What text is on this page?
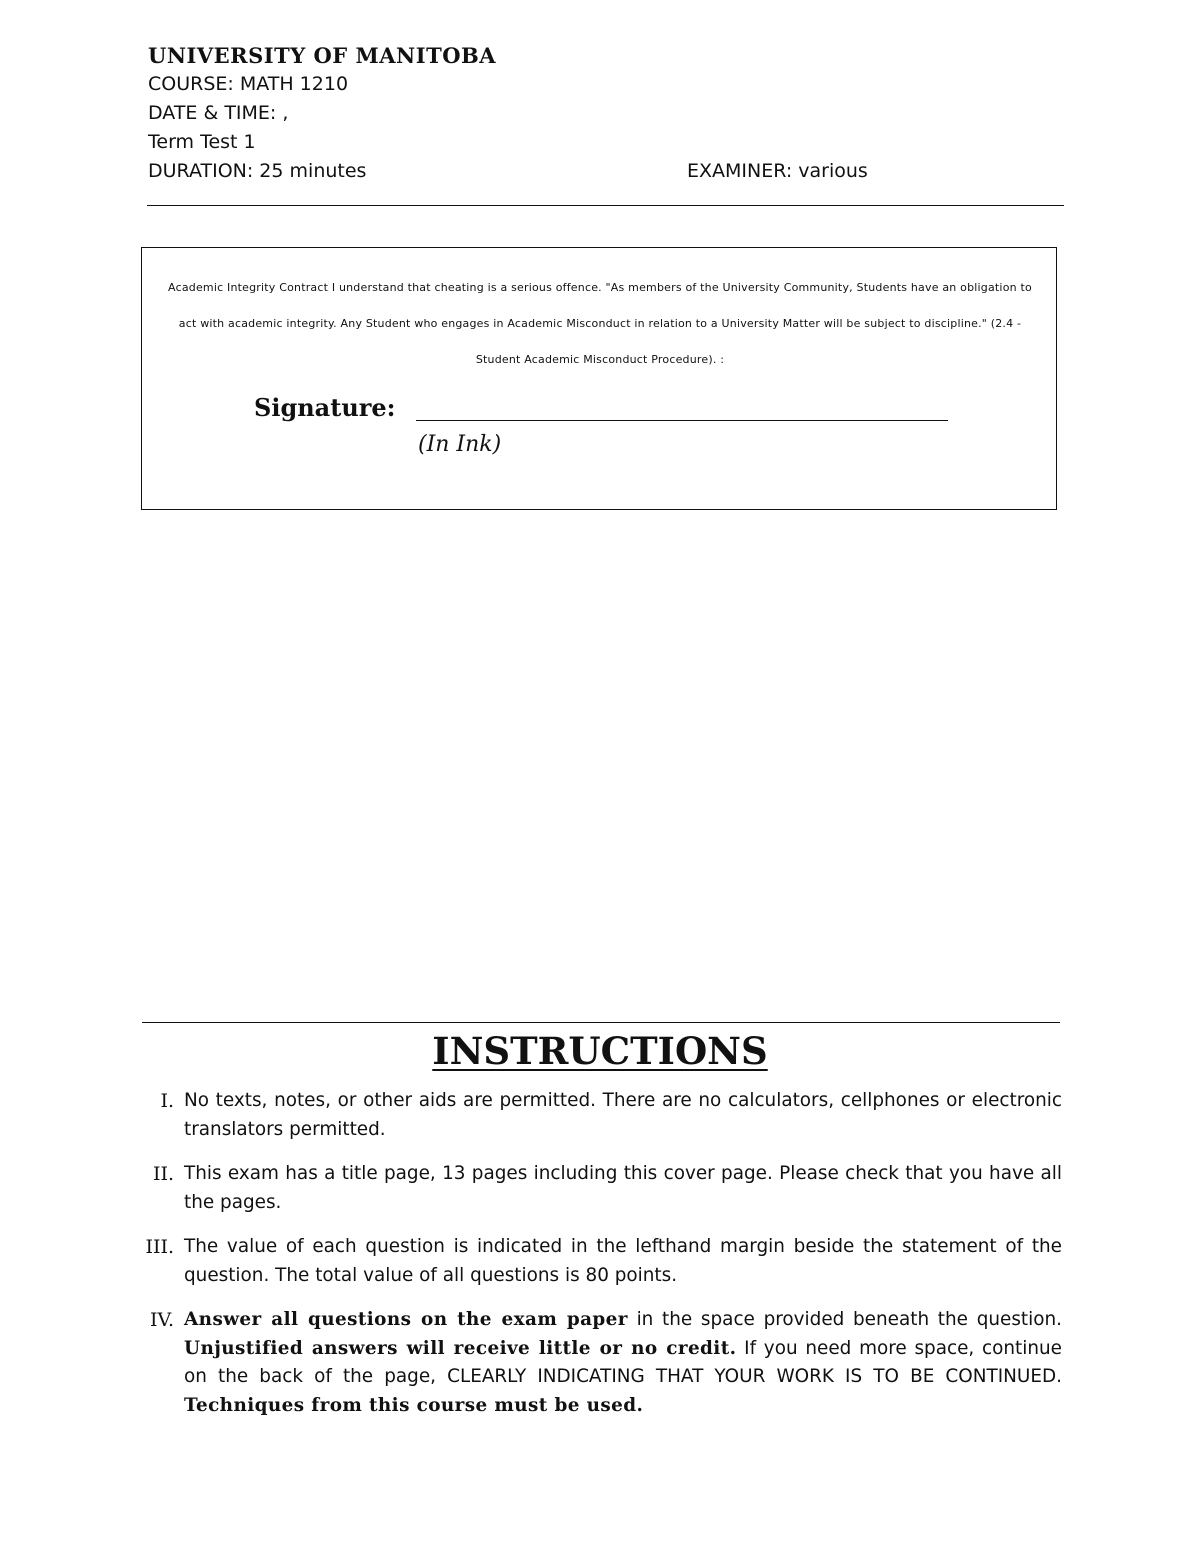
UNIVERSITY OF MANITOBA
COURSE: MATH 1210
DATE & TIME: ,
Term Test 1
DURATION: 25 minutes	EXAMINER: various
Academic Integrity Contract I understand that cheating is a serious offence. "As members of the University Community, Students have an obligation to act with academic integrity. Any Student who engages in Academic Misconduct in relation to a University Matter will be subject to discipline." (2.4 - Student Academic Misconduct Procedure). :
Signature:
(In Ink)
INSTRUCTIONS
I. No texts, notes, or other aids are permitted. There are no calculators, cellphones or electronic translators permitted.
II. This exam has a title page, 13 pages including this cover page. Please check that you have all the pages.
III. The value of each question is indicated in the lefthand margin beside the statement of the question. The total value of all questions is 80 points.
IV. Answer all questions on the exam paper in the space provided beneath the question. Unjustified answers will receive little or no credit. If you need more space, continue on the back of the page, CLEARLY INDICATING THAT YOUR WORK IS TO BE CONTINUED. Techniques from this course must be used.
